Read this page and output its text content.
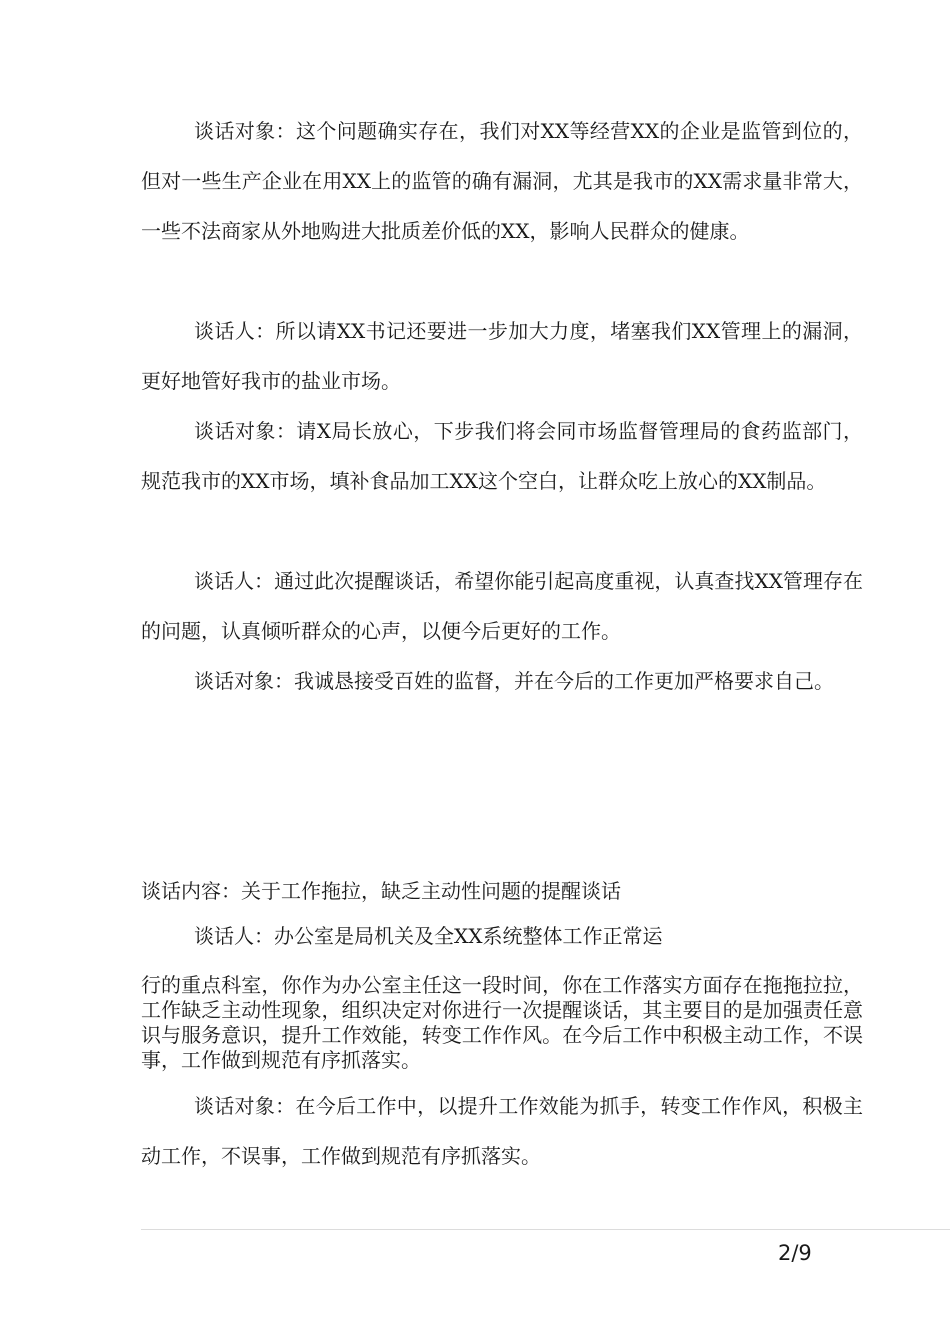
谈话对象：这个问题确实存在，我们对XX等经营XX的企业是监管到位的，但对一些生产企业在用XX上的监管的确有漏洞，尤其是我市的XX需求量非常大，一些不法商家从外地购进大批质差价低的XX，影响人民群众的健康。

谈话人：所以请XX书记还要进一步加大力度，堵塞我们XX管理上的漏洞，更好地管好我市的盐业市场。

谈话对象：请X局长放心，下步我们将会同市场监督管理局的食药监部门，规范我市的XX市场，填补食品加工XX这个空白，让群众吃上放心的XX制品。

谈话人：通过此次提醒谈话，希望你能引起高度重视，认真查找XX管理存在的问题，认真倾听群众的心声，以便今后更好的工作。

谈话对象：我诚恳接受百姓的监督，并在今后的工作更加严格要求自己。

谈话内容：关于工作拖拉，缺乏主动性问题的提醒谈话

谈话人：办公室是局机关及全XX系统整体工作正常运

行的重点科室，你作为办公室主任这一段时间，你在工作落实方面存在拖拖拉拉，工作缺乏主动性现象，组织决定对你进行一次提醒谈话，其主要目的是加强责任意识与服务意识，提升工作效能，转变工作作风。在今后工作中积极主动工作，不误事，工作做到规范有序抓落实。

谈话对象：在今后工作中，以提升工作效能为抓手，转变工作作风，积极主动工作，不误事，工作做到规范有序抓落实。

2/9
